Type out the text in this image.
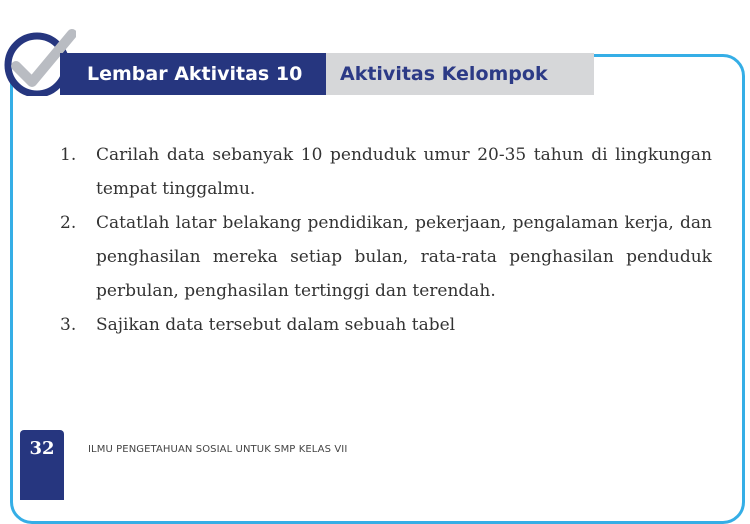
Lembar Aktivitas 10	Aktivitas Kelompok
1.	Carilah data sebanyak 10 penduduk umur 20-35 tahun di lingkungan tempat tinggalmu.
2.	Catatlah latar belakang pendidikan, pekerjaan, pengalaman kerja, dan penghasilan mereka setiap bulan, rata-rata penghasilan penduduk perbulan, penghasilan tertinggi dan terendah.
3.	Sajikan data tersebut dalam sebuah tabel
32	ILMU PENGETAHUAN SOSIAL UNTUK SMP KELAS VII
